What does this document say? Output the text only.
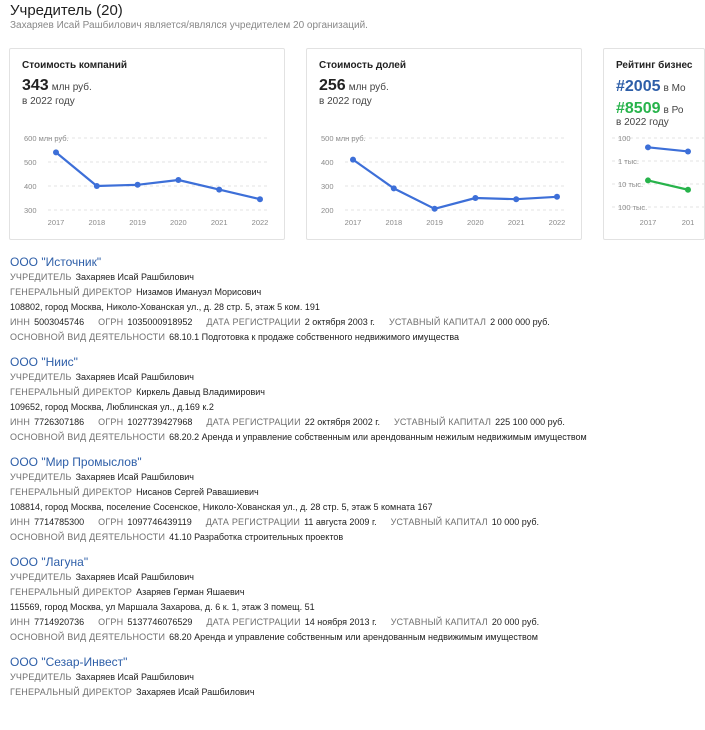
Учредитель (20)
Захаряев Исай Рашбилович является/являлся учредителем 20 организаций.
Стоимость компаний
343 млн руб.
в 2022 году
600 млн руб.
500
400
300
2017	2018	2019	2020	2021	2022
Стоимость долей
256 млн руб.
в 2022 году
500 млн руб.
400
300
200
2017	2018	2019	2020	2021	2022
Рейтинг бизнес
#2005 в Мо
#8509 в Ро
в 2022 году
100
1 тыс.
10 тыс.
100 тыс.
2017	201
ООО "Источник"
УЧРЕДИТЕЛЬ Захаряев Исай Рашбилович
ГЕНЕРАЛЬНЫЙ ДИРЕКТОР Низамов Имануэл Морисович
108802, город Москва, Николо-Хованская ул., д. 28 стр. 5, этаж 5 ком. 191
ИНН 5003045746 ОГРН 1035000918952 ДАТА РЕГИСТРАЦИИ 2 октября 2003 г. УСТАВНЫЙ КАПИТАЛ 2 000 000 руб.
ОСНОВНОЙ ВИД ДЕЯТЕЛЬНОСТИ 68.10.1 Подготовка к продаже собственного недвижимого имущества
ООО "Ниис"
УЧРЕДИТЕЛЬ Захаряев Исай Рашбилович
ГЕНЕРАЛЬНЫЙ ДИРЕКТОР Киркель Давыд Владимирович
109652, город Москва, Люблинская ул., д.169 к.2
ИНН 7726307186 ОГРН 1027739427968 ДАТА РЕГИСТРАЦИИ 22 октября 2002 г. УСТАВНЫЙ КАПИТАЛ 225 100 000 руб.
ОСНОВНОЙ ВИД ДЕЯТЕЛЬНОСТИ 68.20.2 Аренда и управление собственным или арендованным нежилым недвижимым имуществом
ООО "Мир Промыслов"
УЧРЕДИТЕЛЬ Захаряев Исай Рашбилович
ГЕНЕРАЛЬНЫЙ ДИРЕКТОР Нисанов Сергей Равашиевич
108814, город Москва, поселение Сосенское, Николо-Хованская ул., д. 28 стр. 5, этаж 5 комната 167
ИНН 7714785300 ОГРН 1097746439119 ДАТА РЕГИСТРАЦИИ 11 августа 2009 г. УСТАВНЫЙ КАПИТАЛ 10 000 руб.
ОСНОВНОЙ ВИД ДЕЯТЕЛЬНОСТИ 41.10 Разработка строительных проектов
ООО "Лагуна"
УЧРЕДИТЕЛЬ Захаряев Исай Рашбилович
ГЕНЕРАЛЬНЫЙ ДИРЕКТОР Азаряев Герман Яшаевич
115569, город Москва, ул Маршала Захарова, д. 6 к. 1, этаж 3 помещ. 51
ИНН 7714920736 ОГРН 5137746076529 ДАТА РЕГИСТРАЦИИ 14 ноября 2013 г. УСТАВНЫЙ КАПИТАЛ 20 000 руб.
ОСНОВНОЙ ВИД ДЕЯТЕЛЬНОСТИ 68.20 Аренда и управление собственным или арендованным недвижимым имуществом
ООО "Сезар-Инвест"
УЧРЕДИТЕЛЬ Захаряев Исай Рашбилович
ГЕНЕРАЛЬНЫЙ ДИРЕКТОР Захаряев Исай Рашбилович
